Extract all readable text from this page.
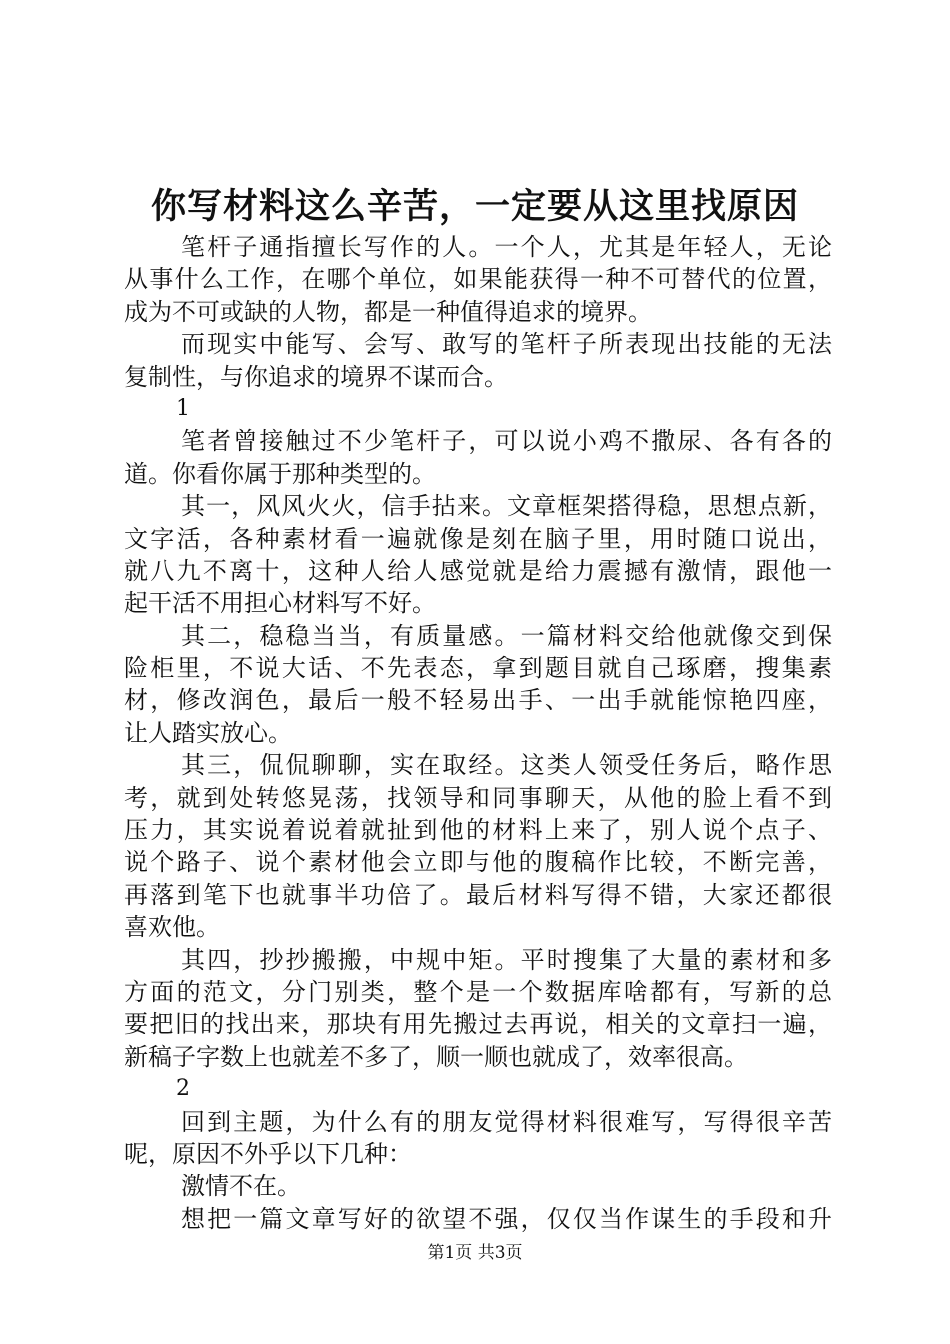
你写材料这么辛苦，一定要从这里找原因
笔杆子通指擅长写作的人。一个人，尤其是年轻人，无论
从事什么工作，在哪个单位，如果能获得一种不可替代的位置，
成为不可或缺的人物，都是一种值得追求的境界。
而现实中能写、会写、敢写的笔杆子所表现出技能的无法
复制性，与你追求的境界不谋而合。
1
笔者曾接触过不少笔杆子，可以说小鸡不撒尿、各有各的
道。你看你属于那种类型的。
其一，风风火火，信手拈来。文章框架搭得稳，思想点新，
文字活，各种素材看一遍就像是刻在脑子里，用时随口说出，
就八九不离十，这种人给人感觉就是给力震撼有激情，跟他一
起干活不用担心材料写不好。
其二，稳稳当当，有质量感。一篇材料交给他就像交到保
险柜里，不说大话、不先表态，拿到题目就自己琢磨，搜集素
材，修改润色，最后一般不轻易出手、一出手就能惊艳四座，
让人踏实放心。
其三，侃侃聊聊，实在取经。这类人领受任务后，略作思
考，就到处转悠晃荡，找领导和同事聊天，从他的脸上看不到
压力，其实说着说着就扯到他的材料上来了，别人说个点子、
说个路子、说个素材他会立即与他的腹稿作比较，不断完善，
再落到笔下也就事半功倍了。最后材料写得不错，大家还都很
喜欢他。
其四，抄抄搬搬，中规中矩。平时搜集了大量的素材和多
方面的范文，分门别类，整个是一个数据库啥都有，写新的总
要把旧的找出来，那块有用先搬过去再说，相关的文章扫一遍，
新稿子字数上也就差不多了，顺一顺也就成了，效率很高。
2
回到主题，为什么有的朋友觉得材料很难写，写得很辛苦
呢，原因不外乎以下几种：
激情不在。
想把一篇文章写好的欲望不强，仅仅当作谋生的手段和升
第1页 共3页
